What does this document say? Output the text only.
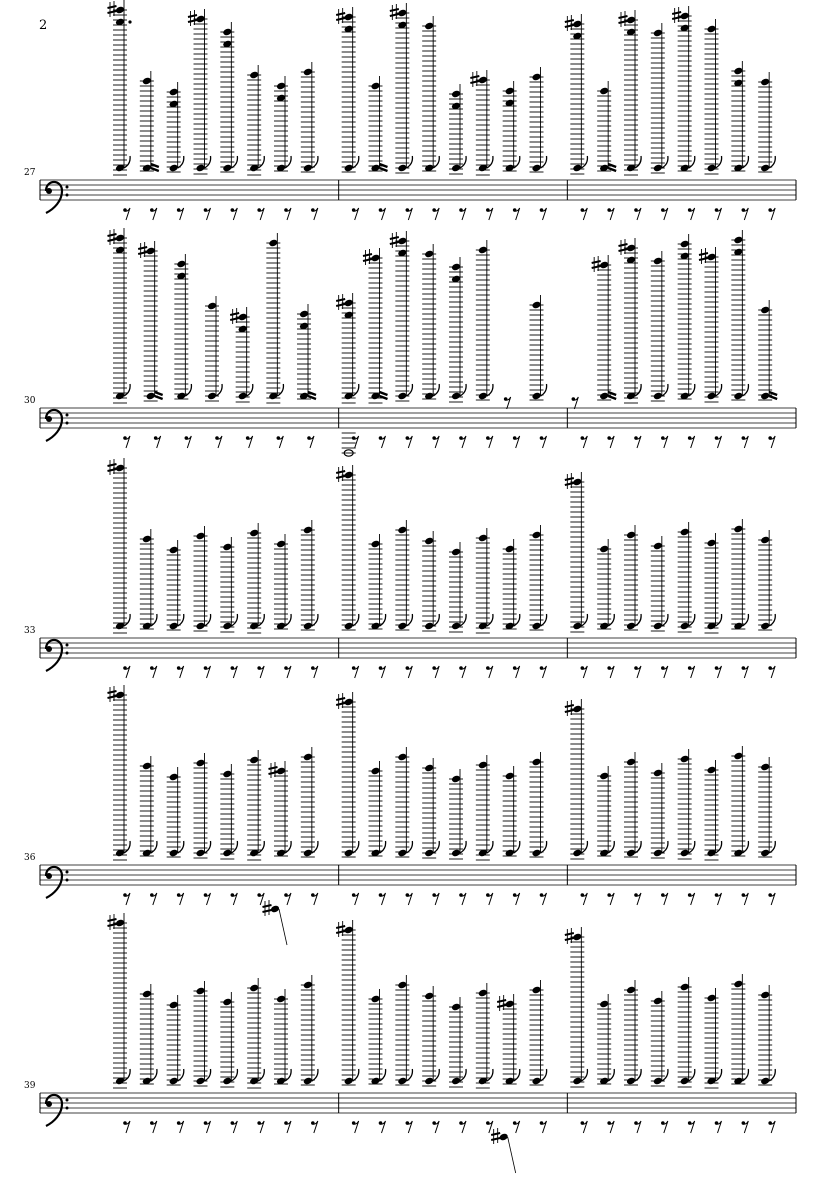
2
27
30
33
36
39
